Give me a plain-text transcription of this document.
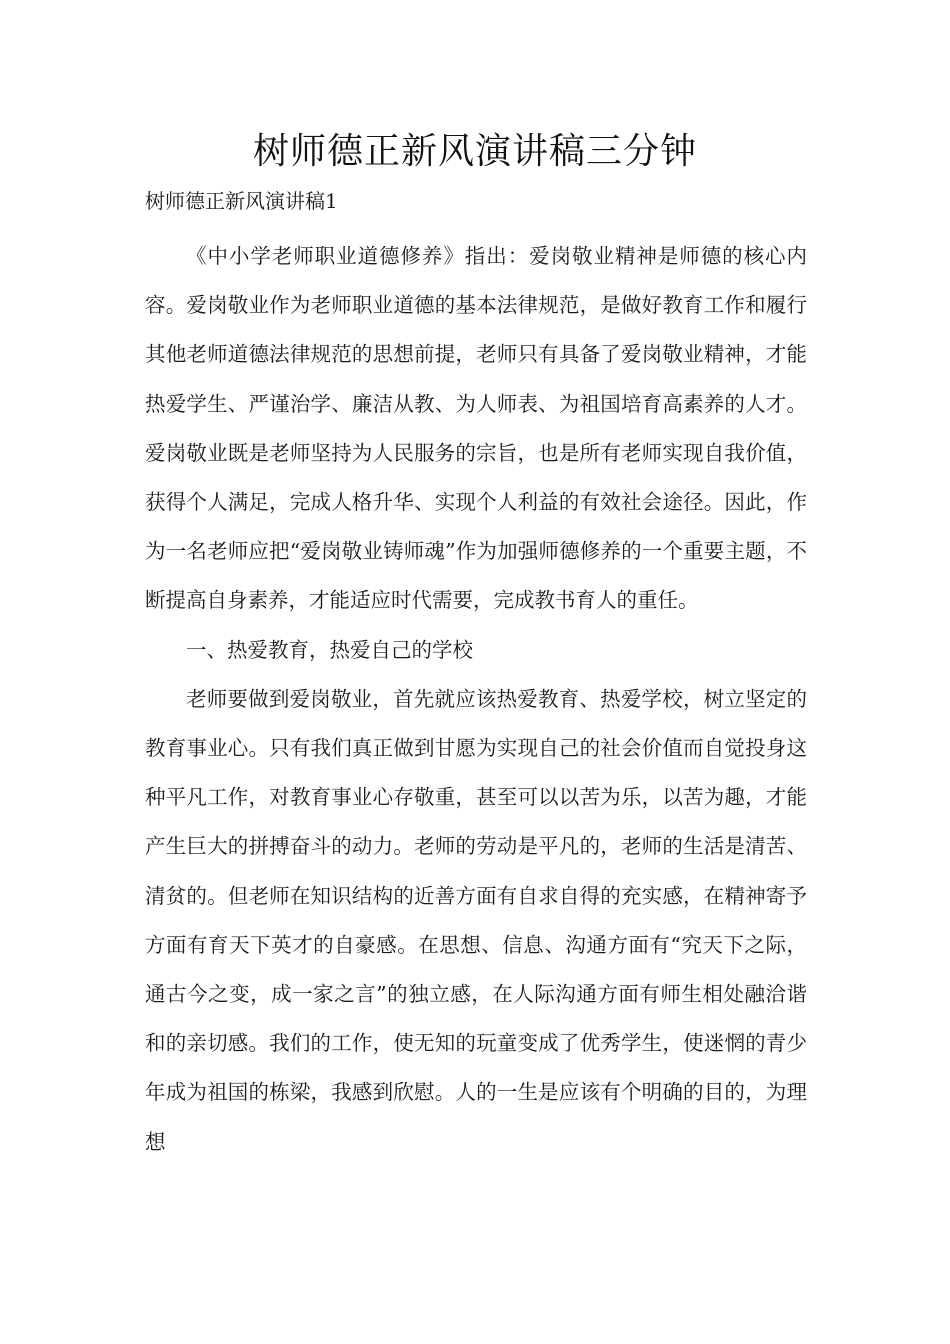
树师德正新风演讲稿三分钟

树师德正新风演讲稿1

《中小学老师职业道德修养》指出：爱岗敬业精神是师德的核心内容。爱岗敬业作为老师职业道德的基本法律规范，是做好教育工作和履行其他老师道德法律规范的思想前提，老师只有具备了爱岗敬业精神，才能热爱学生、严谨治学、廉洁从教、为人师表、为祖国培育高素养的人才。爱岗敬业既是老师坚持为人民服务的宗旨，也是所有老师实现自我价值，获得个人满足，完成人格升华、实现个人利益的有效社会途径。因此，作为一名老师应把“爱岗敬业铸师魂”作为加强师德修养的一个重要主题，不断提高自身素养，才能适应时代需要，完成教书育人的重任。

一、热爱教育，热爱自己的学校

老师要做到爱岗敬业，首先就应该热爱教育、热爱学校，树立坚定的教育事业心。只有我们真正做到甘愿为实现自己的社会价值而自觉投身这种平凡工作，对教育事业心存敬重，甚至可以以苦为乐，以苦为趣，才能产生巨大的拼搏奋斗的动力。老师的劳动是平凡的，老师的生活是清苦、清贫的。但老师在知识结构的近善方面有自求自得的充实感，在精神寄予方面有育天下英才的自豪感。在思想、信息、沟通方面有“究天下之际，通古今之变，成一家之言”的独立感，在人际沟通方面有师生相处融洽谐和的亲切感。我们的工作，使无知的玩童变成了优秀学生，使迷惘的青少年成为祖国的栋梁，我感到欣慰。人的一生是应该有个明确的目的，为理想
